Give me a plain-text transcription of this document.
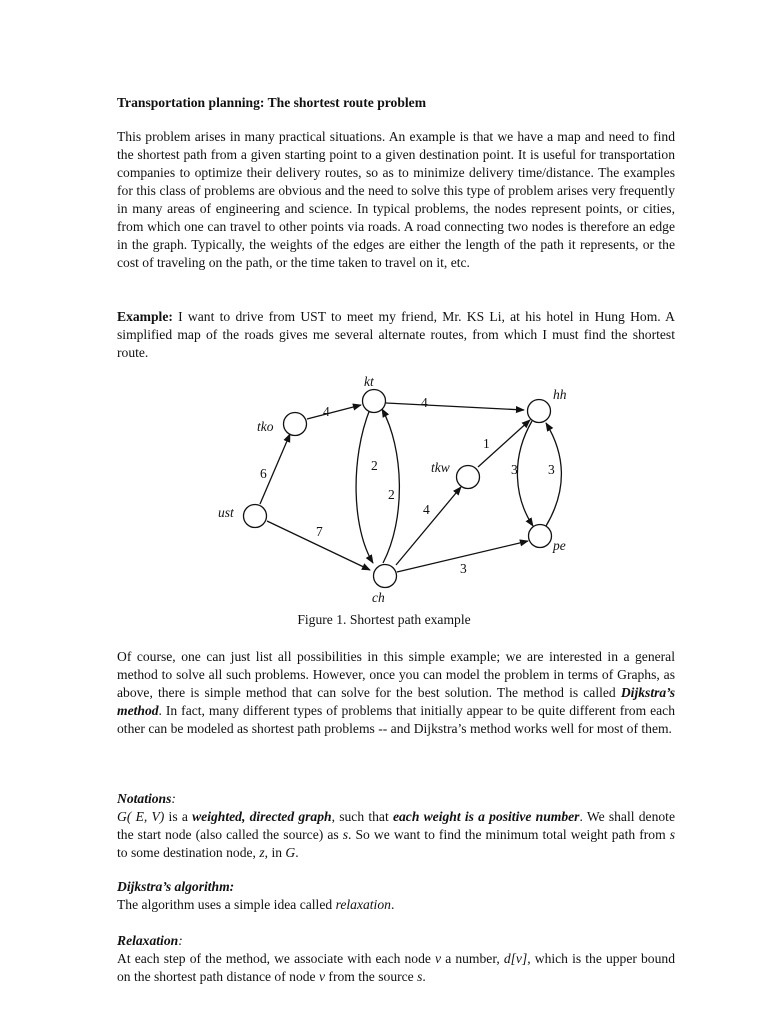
Transportation planning: The shortest route problem

This problem arises in many practical situations. An example is that we have a map and need to find the shortest path from a given starting point to a given destination point. It is useful for transportation companies to optimize their delivery routes, so as to minimize delivery time/distance. The examples for this class of problems are obvious and the need to solve this type of problem arises very frequently in many areas of engineering and science. In typical problems, the nodes represent points, or cities, from which one can travel to other points via roads. A road connecting two nodes is therefore an edge in the graph. Typically, the weights of the edges are either the length of the path it represents, or the cost of traveling on the path, or the time taken to travel on it, etc.

Example: I want to drive from UST to meet my friend, Mr. KS Li, at his hotel in Hung Hom. A simplified map of the roads gives me several alternate routes, from which I must find the shortest route.

ust
tko
kt
ch
tkw
hh
pe
6
4
4
7
2
2
4
1
3
3 3
Figure 1. Shortest path example

Of course, one can just list all possibilities in this simple example; we are interested in a general method to solve all such problems. However, once you can model the problem in terms of Graphs, as above, there is simple method that can solve for the best solution. The method is called Dijkstra’s method. In fact, many different types of problems that initially appear to be quite different from each other can be modeled as shortest path problems -- and Dijkstra’s method works well for most of them.

Notations:

G( E, V) is a weighted, directed graph, such that each weight is a positive number. We shall denote the start node (also called the source) as s. So we want to find the minimum total weight path from s to some destination node, z, in G.

Dijkstra’s algorithm:

The algorithm uses a simple idea called relaxation.

Relaxation:

At each step of the method, we associate with each node v a number, d[v], which is the upper bound on the shortest path distance of node v from the source s.
